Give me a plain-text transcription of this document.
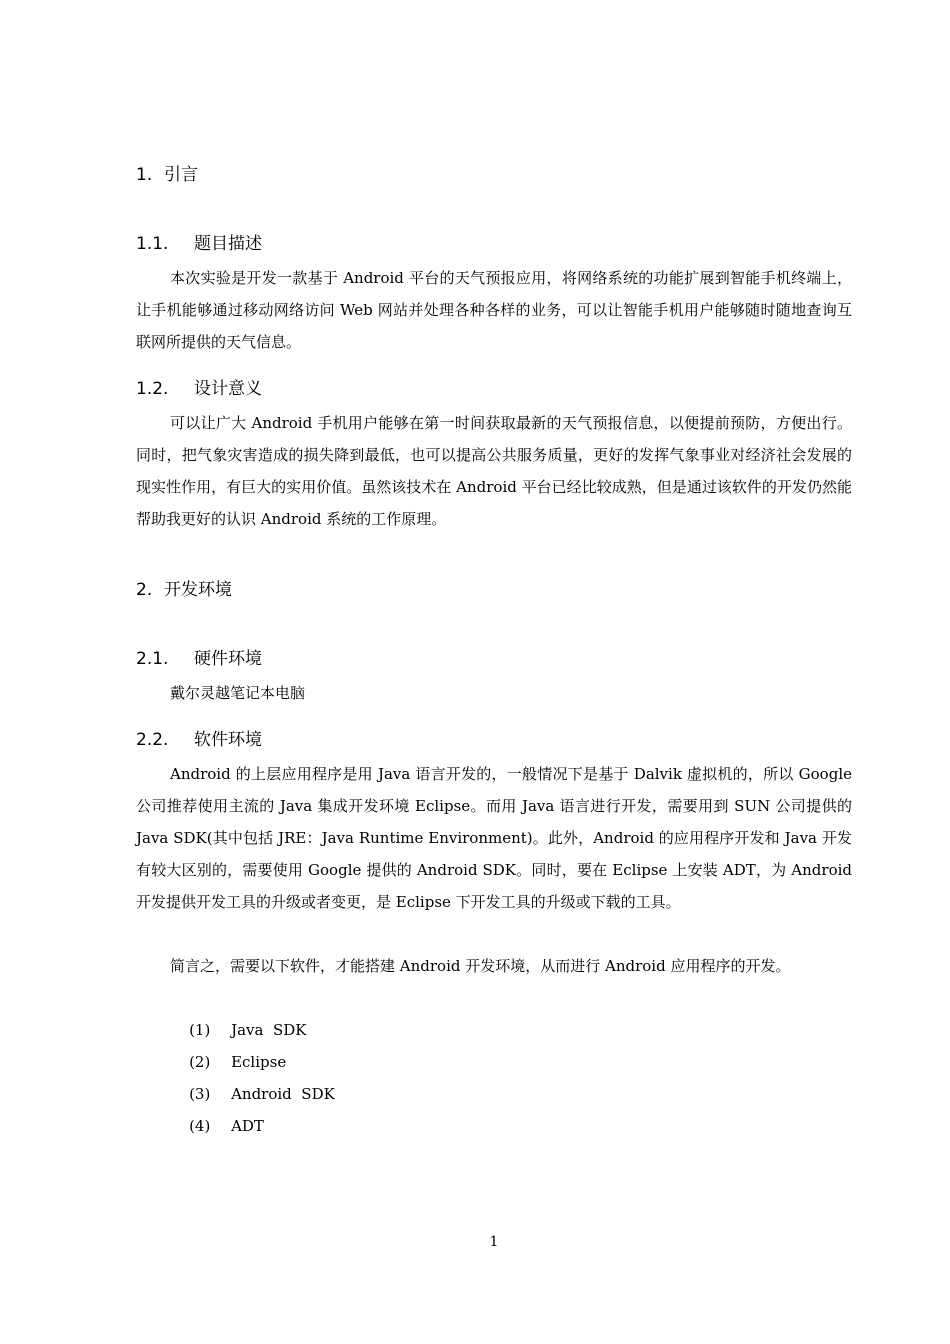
1. 引言
1.1. 题目描述
本次实验是开发一款基于 Android 平台的天气预报应用，将网络系统的功能扩展到智能手机终端上，让手机能够通过移动网络访问 Web 网站并处理各种各样的业务，可以让智能手机用户能够随时随地查询互联网所提供的天气信息。
1.2. 设计意义
可以让广大 Android 手机用户能够在第一时间获取最新的天气预报信息，以便提前预防，方便出行。同时，把气象灾害造成的损失降到最低，也可以提高公共服务质量，更好的发挥气象事业对经济社会发展的现实性作用，有巨大的实用价值。虽然该技术在 Android 平台已经比较成熟，但是通过该软件的开发仍然能帮助我更好的认识 Android 系统的工作原理。
2. 开发环境
2.1. 硬件环境
戴尔灵越笔记本电脑
2.2. 软件环境
Android 的上层应用程序是用 Java 语言开发的，一般情况下是基于 Dalvik 虚拟机的，所以 Google 公司推荐使用主流的 Java 集成开发环境 Eclipse。而用 Java 语言进行开发，需要用到 SUN 公司提供的 Java SDK(其中包括 JRE：Java Runtime Environment)。此外，Android 的应用程序开发和 Java 开发有较大区别的，需要使用 Google 提供的 Android SDK。同时，要在 Eclipse 上安装 ADT，为 Android 开发提供开发工具的升级或者变更，是 Eclipse 下开发工具的升级或下载的工具。
简言之，需要以下软件，才能搭建 Android 开发环境，从而进行 Android 应用程序的开发。

(1) Java  SDK

(2) Eclipse

(3) Android  SDK

(4) ADT

1
